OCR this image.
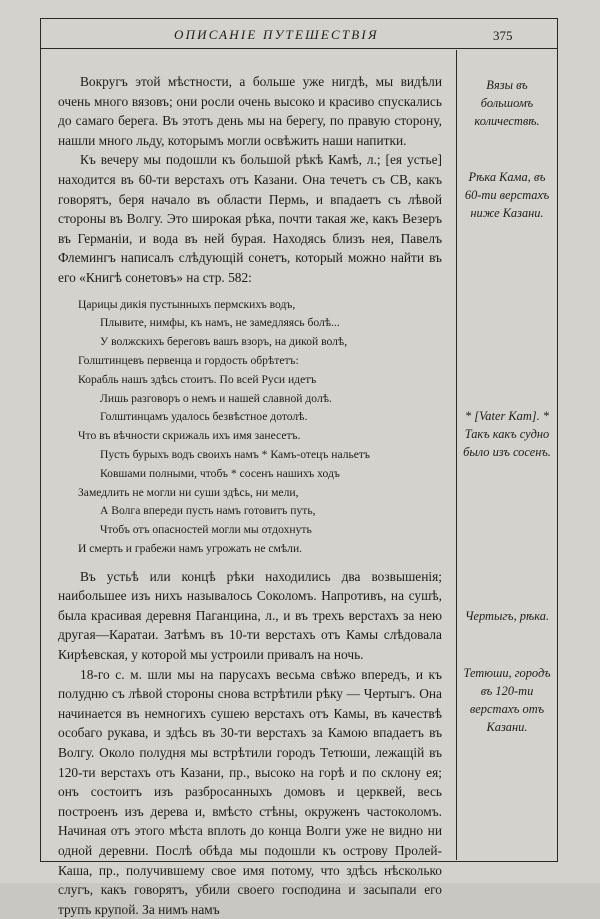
ОПИСАНІЕ ПУТЕШЕСТВІЯ	375

Вокругъ этой мѣстности, а больше уже нигдѣ, мы видѣли очень много вязовъ; они росли очень высоко и красиво спускались до самаго берега. Въ этотъ день мы на берегу, по правую сторону, нашли много льду, которымъ могли освѣжить наши напитки.

Къ вечеру мы подошли къ большой рѣкѣ Камѣ, л.; [ея устье] находится въ 60-ти верстахъ отъ Казани. Она течетъ съ СВ, какъ говорятъ, беря начало въ области Пермь, и впадаетъ съ лѣвой стороны въ Волгу. Это широкая рѣка, почти такая же, какъ Везеръ въ Германіи, и вода въ ней бурая. Находясь близъ нея, Павелъ Флемингъ написалъ слѣдующій сонетъ, который можно найти въ его «Книгѣ сонетовъ» на стр. 582:

Царицы дикія пустынныхъ пермскихъ водъ,
Плывите, нимфы, къ намъ, не замедляясь болѣ...
У волжскихъ береговъ вашъ взоръ, на дикой волѣ,
Голштинцевъ первенца и гордость обрѣтетъ:
Корабль нашъ здѣсь стоитъ. По всей Руси идетъ
Лишь разговоръ о немъ и нашей славной долѣ.
Голштинцамъ удалось безвѣстное дотолѣ.
Что въ вѣчности скрижаль ихъ имя занесетъ.
Пусть бурыхъ водъ своихъ намъ * Камъ-отецъ нальетъ
Ковшами полными, чтобъ * сосенъ нашихъ ходъ
Замедлить не могли ни суши здѣсь, ни мели,
А Волга впереди пусть намъ готовитъ путь,
Чтобъ отъ опасностей могли мы отдохнуть
И смерть и грабежи намъ угрожать не смѣли.

Въ устьѣ или концѣ рѣки находились два возвышенія; наибольшее изъ нихъ называлось Соколомъ. Напротивъ, на сушѣ, была красивая деревня Паганцина, л., и въ трехъ верстахъ за нею другая—Каратаи. Затѣмъ въ 10-ти верстахъ отъ Камы слѣдовала Кирѣевская, у которой мы устроили привалъ на ночь.

18-го с. м. шли мы на парусахъ весьма свѣжо впередъ, и къ полудню съ лѣвой стороны снова встрѣтили рѣку — Чертыгъ. Она начинается въ немногихъ сушею верстахъ отъ Камы, въ качествѣ особаго рукава, и здѣсь въ 30-ти верстахъ за Камою впадаетъ въ Волгу. Около полудня мы встрѣтили городъ Тетюши, лежащій въ 120-ти верстахъ отъ Казани, пр., высоко на горѣ и по склону ея; онъ состоитъ изъ разбросанныхъ домовъ и церквей, весь построенъ изъ дерева и, вмѣсто стѣны, окруженъ частоколомъ. Начиная отъ этого мѣста вплоть до конца Волги уже не видно ни одной деревни. Послѣ обѣда мы подошли къ острову Пролей-Каша, пр., получившему свое имя потому, что здѣсь нѣсколько слугъ, какъ говорятъ, убили своего господина и засыпали его трупъ крупой. За нимъ намъ

Вязы въ большомъ количествѣ.
Рѣка Кама, въ 60-ти верстахъ ниже Казани.
* [Vater Kam]. * Такъ какъ судно было изъ сосенъ.
Чертыгъ, рѣка.
Тетюши, городъ въ 120-ти верстахъ отъ Казани.
